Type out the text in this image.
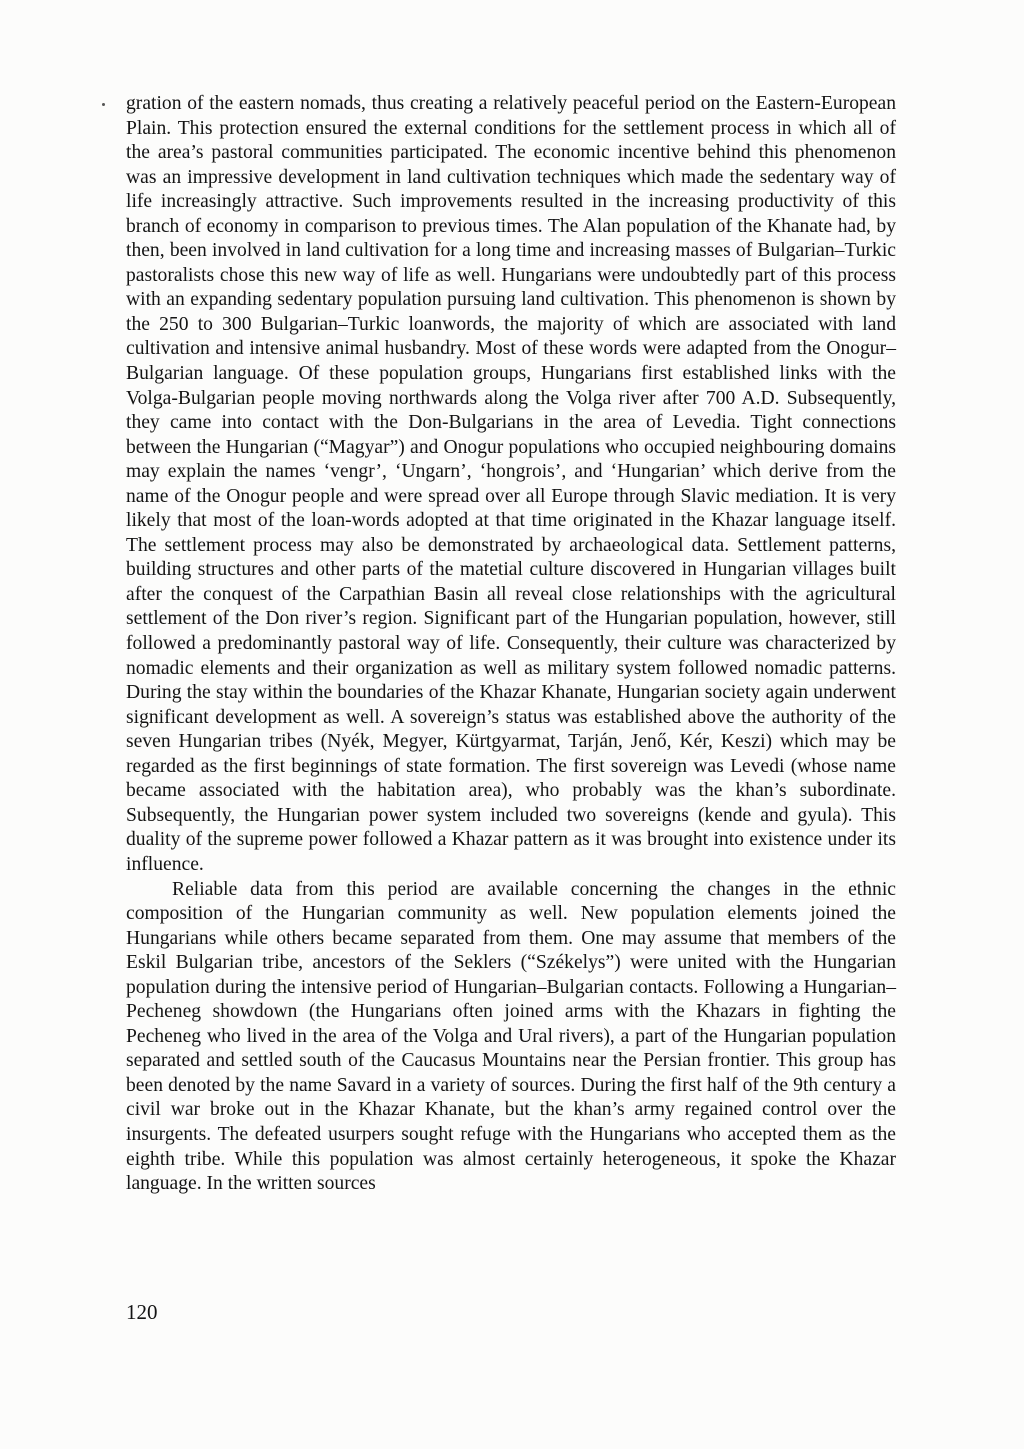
gration of the eastern nomads, thus creating a relatively peaceful period on the Eastern-European Plain. This protection ensured the external conditions for the settlement process in which all of the area’s pastoral communities participated. The economic incentive behind this phenomenon was an impressive development in land cultivation techniques which made the sedentary way of life increasingly attractive. Such improvements resulted in the increasing productivity of this branch of economy in comparison to previous times. The Alan population of the Khanate had, by then, been involved in land cultivation for a long time and increasing masses of Bulgarian–Turkic pastoralists chose this new way of life as well. Hungarians were undoubtedly part of this process with an expanding sedentary population pursuing land cultivation. This phenomenon is shown by the 250 to 300 Bulgarian–Turkic loanwords, the majority of which are associated with land cultivation and intensive animal husbandry. Most of these words were adapted from the Onogur–Bulgarian language. Of these population groups, Hungarians first established links with the Volga-Bulgarian people moving northwards along the Volga river after 700 A.D. Subsequently, they came into contact with the Don-Bulgarians in the area of Levedia. Tight connections between the Hungarian (“Magyar”) and Onogur populations who occupied neighbouring domains may explain the names ‘vengr’, ‘Ungarn’, ‘hongrois’, and ‘Hungarian’ which derive from the name of the Onogur people and were spread over all Europe through Slavic mediation. It is very likely that most of the loan-words adopted at that time originated in the Khazar language itself. The settlement process may also be demonstrated by archaeological data. Settlement patterns, building structures and other parts of the matetial culture discovered in Hungarian villages built after the conquest of the Carpathian Basin all reveal close relationships with the agricultural settlement of the Don river’s region. Significant part of the Hungarian population, however, still followed a predominantly pastoral way of life. Consequently, their culture was characterized by nomadic elements and their organization as well as military system followed nomadic patterns. During the stay within the boundaries of the Khazar Khanate, Hungarian society again underwent significant development as well. A sovereign’s status was established above the authority of the seven Hungarian tribes (Nyék, Megyer, Kürtgyarmat, Tarján, Jenő, Kér, Keszi) which may be regarded as the first beginnings of state formation. The first sovereign was Levedi (whose name became associated with the habitation area), who probably was the khan’s subordinate. Subsequently, the Hungarian power system included two sovereigns (kende and gyula). This duality of the supreme power followed a Khazar pattern as it was brought into existence under its influence.

Reliable data from this period are available concerning the changes in the ethnic composition of the Hungarian community as well. New population elements joined the Hungarians while others became separated from them. One may assume that members of the Eskil Bulgarian tribe, ancestors of the Seklers (“Székelys”) were united with the Hungarian population during the intensive period of Hungarian–Bulgarian contacts. Following a Hungarian–Pecheneg showdown (the Hungarians often joined arms with the Khazars in fighting the Pecheneg who lived in the area of the Volga and Ural rivers), a part of the Hungarian population separated and settled south of the Caucasus Mountains near the Persian frontier. This group has been denoted by the name Savard in a variety of sources. During the first half of the 9th century a civil war broke out in the Khazar Khanate, but the khan’s army regained control over the insurgents. The defeated usurpers sought refuge with the Hungarians who accepted them as the eighth tribe. While this population was almost certainly heterogeneous, it spoke the Khazar language. In the written sources

120
